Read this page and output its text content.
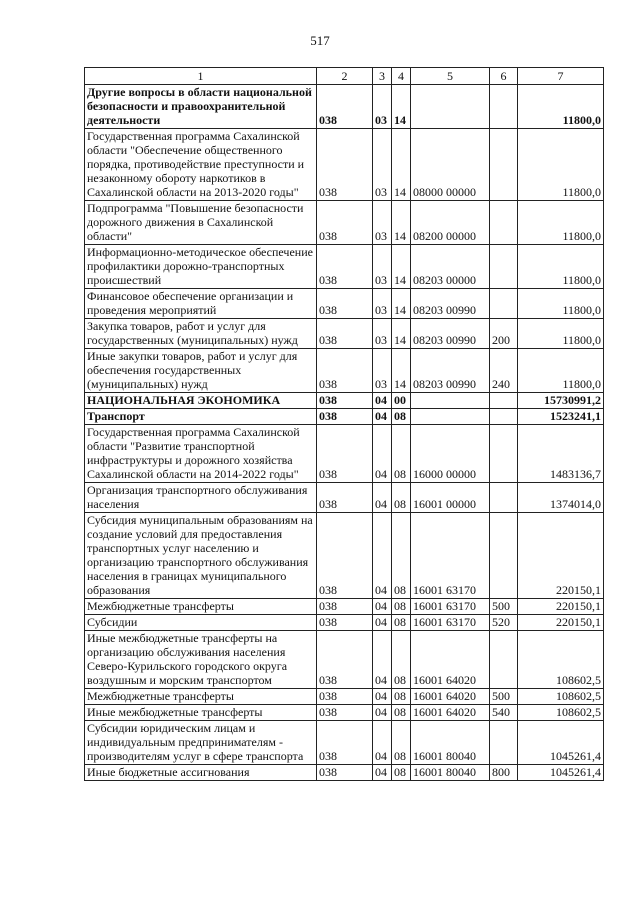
517
1	2	3	4	5	6	7
Другие вопросы в области национальной безопасности и правоохранительной деятельности	038	03	14			11800,0
Государственная программа Сахалинской области "Обеспечение общественного порядка, противодействие преступности и незаконному обороту наркотиков в Сахалинской области на 2013-2020 годы"	038	03	14	08000 00000		11800,0
Подпрограмма "Повышение безопасности дорожного движения в Сахалинской области"	038	03	14	08200 00000		11800,0
Информационно-методическое обеспечение профилактики дорожно-транспортных происшествий	038	03	14	08203 00000		11800,0
Финансовое обеспечение организации и проведения мероприятий	038	03	14	08203 00990		11800,0
Закупка товаров, работ и услуг для государственных (муниципальных) нужд	038	03	14	08203 00990	200	11800,0
Иные закупки товаров, работ и услуг для обеспечения государственных (муниципальных) нужд	038	03	14	08203 00990	240	11800,0
НАЦИОНАЛЬНАЯ ЭКОНОМИКА	038	04	00			15730991,2
Транспорт	038	04	08			1523241,1
Государственная программа Сахалинской области "Развитие транспортной инфраструктуры и дорожного хозяйства Сахалинской области на 2014-2022 годы"	038	04	08	16000 00000		1483136,7
Организация транспортного обслуживания населения	038	04	08	16001 00000		1374014,0
Субсидия муниципальным образованиям на создание условий для предоставления транспортных услуг населению и организацию транспортного обслуживания населения в границах муниципального образования	038	04	08	16001 63170		220150,1
Межбюджетные трансферты	038	04	08	16001 63170	500	220150,1
Субсидии	038	04	08	16001 63170	520	220150,1
Иные межбюджетные трансферты на организацию обслуживания населения Северо-Курильского городского округа воздушным и морским транспортом	038	04	08	16001 64020		108602,5
Межбюджетные трансферты	038	04	08	16001 64020	500	108602,5
Иные межбюджетные трансферты	038	04	08	16001 64020	540	108602,5
Субсидии юридическим лицам и индивидуальным предпринимателям - производителям услуг в сфере транспорта	038	04	08	16001 80040		1045261,4
Иные бюджетные ассигнования	038	04	08	16001 80040	800	1045261,4
